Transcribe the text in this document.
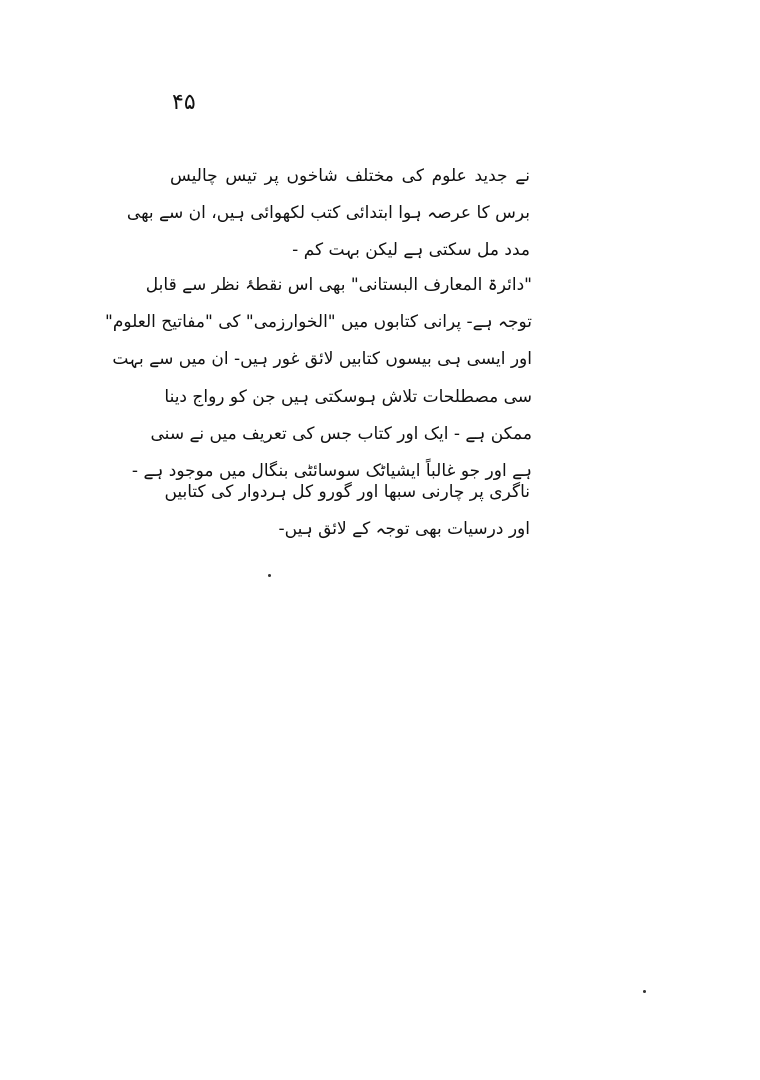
۴۵
نے جدید علوم کی مختلف شاخوں پر تیس چالیس
برس کا عرصہ ہوا ابتدائی کتب لکھوائی ہیں، ان سے بھی
مدد مل سکتی ہے لیکن بہت کم -
"دائرۃ المعارف البستانی" بھی اس نقطۂ نظر سے قابل
توجہ ہے- پرانی کتابوں میں "الخوارزمی" کی "مفاتیح العلوم"
اور ایسی ہی بیسوں کتابیں لائق غور ہیں- ان میں سے بہت
سی مصطلحات تلاش ہوسکتی ہیں جن کو رواج دینا
ممکن ہے - ایک اور کتاب جس کی تعریف میں نے سنی
ہے اور جو غالباً ایشیاٹک سوسائٹی بنگال میں موجود ہے -
ناگری پر چارنی سبھا اور گورو کل ہردوار کی کتابیں
اور درسیات بھی توجہ کے لائق ہیں-
